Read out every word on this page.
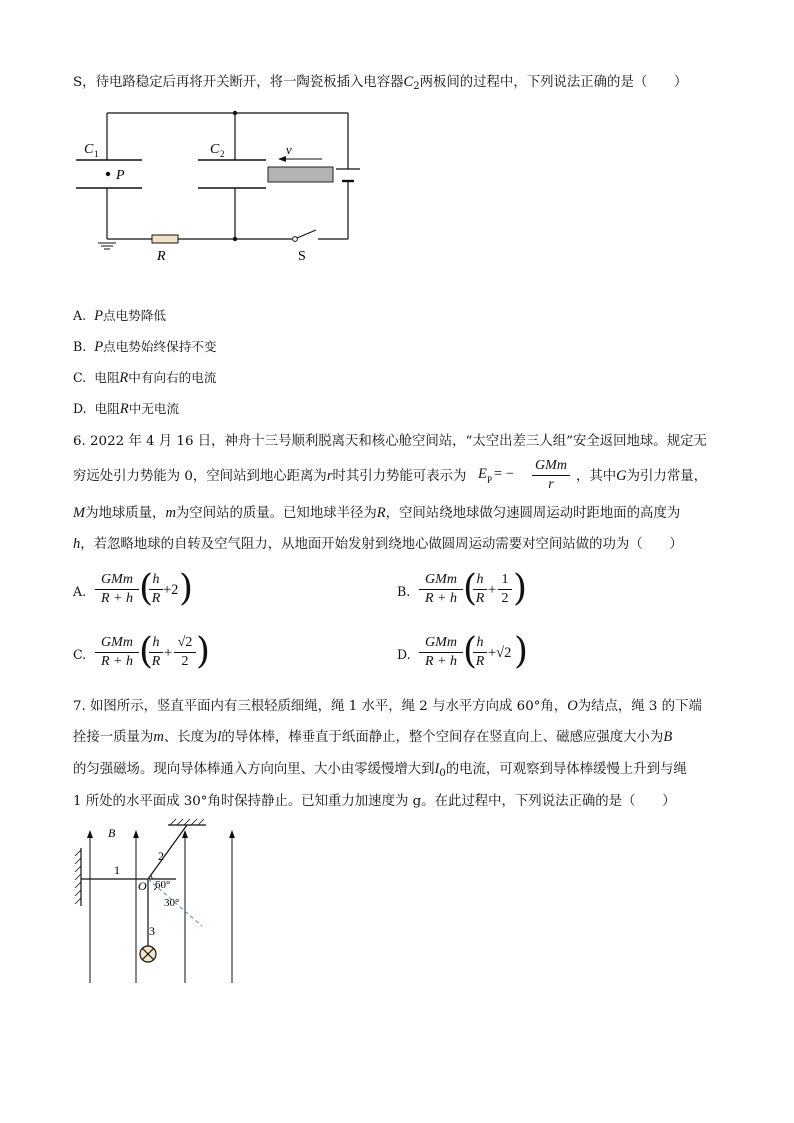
S，待电路稳定后再将开关断开，将一陶瓷板插入电容器$C_2$两板间的过程中，下列说法正确的是（　　）
P
C 1	C 2	v
R	S
A. P点电势降低
B. P点电势始终保持不变
C. 电阻R中有向右的电流
D. 电阻R中无电流
6. 2022 年 4 月 16 日，神舟十三号顺利脱离天和核心舱空间站，“太空出差三人组”安全返回地球。规定无
穷远处引力势能为 0，空间站到地心距离为r时其引力势能可表示为 E P = −
GMm
r
，其中G为引力常量，
M为地球质量，m为空间站的质量。已知地球半径为R，空间站绕地球做匀速圆周运动时距地面的高度为
h，若忽略地球的自转及空气阻力，从地面开始发射到绕地心做圆周运动需要对空间站做的功为（　　）
A.
GMm
R + h ( h
R
+2 )	B.
GMm
R + h ( h
R
+
1
2 )
C.
GMm
R + h ( h
R
+
√2
2 )	D.
GMm
R + h ( h
R
+√2 )
7. 如图所示，竖直平面内有三根轻质细绳，绳 1 水平，绳 2 与水平方向成 60°角，O为结点，绳 3 的下端
拴接一质量为m、长度为l的导体棒，棒垂直于纸面静止，整个空间存在竖直向上、磁感应强度大小为B
的匀强磁场。现向导体棒通入方向向里、大小由零缓慢增大到$I_0$的电流，可观察到导体棒缓慢上升到与绳
1 所处的水平面成 30°角时保持静止。已知重力加速度为 g。在此过程中，下列说法正确的是（　　）
B
1
2
O 60°
3
30°
